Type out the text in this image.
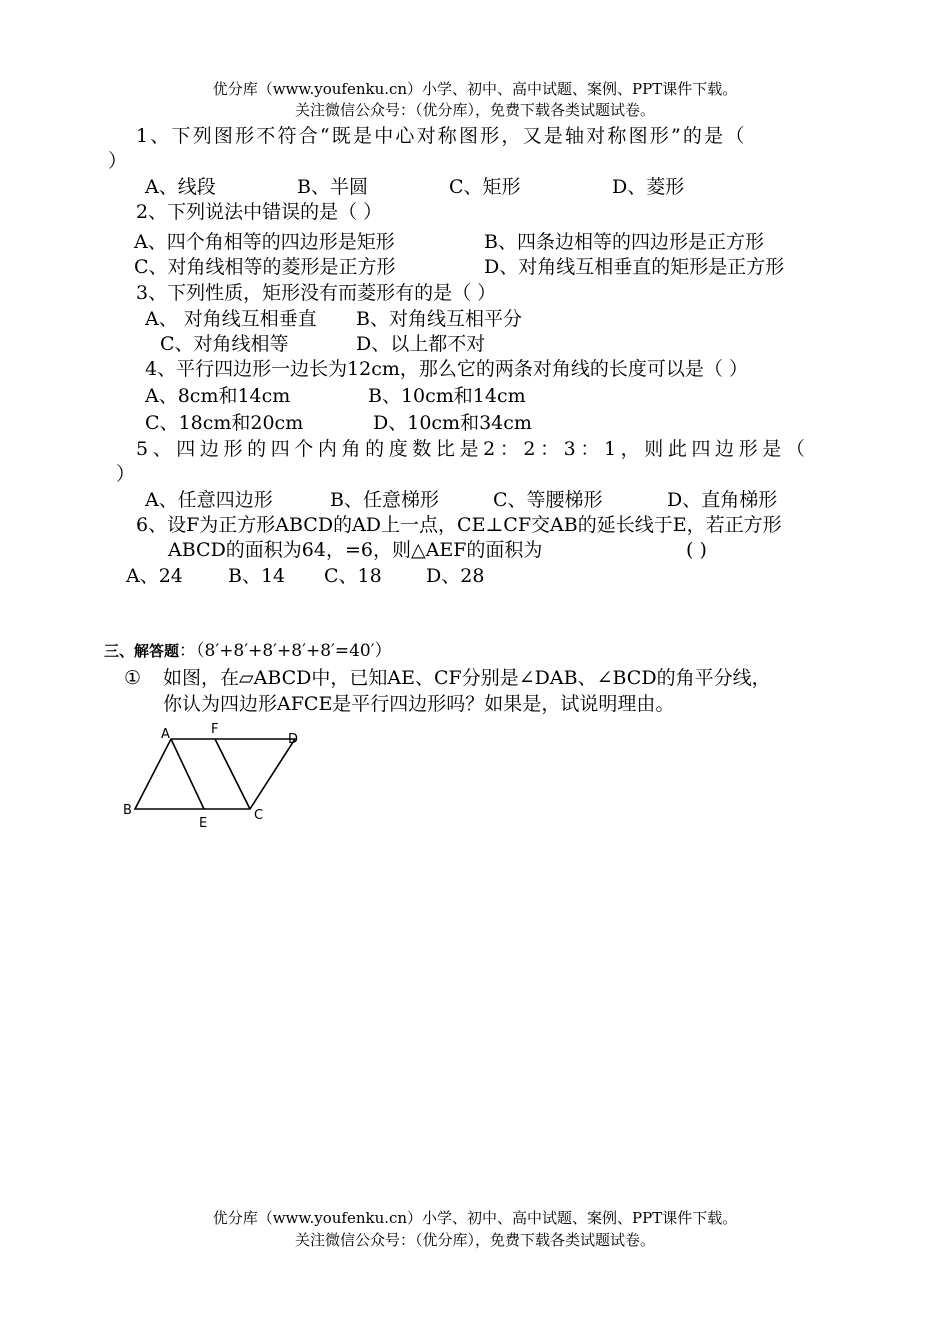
优分库（www.youfenku.cn）小学、初中、高中试题、案例、PPT课件下载。
关注微信公众号：（优分库），免费下载各类试题试卷。
1、下列图形不符合“既是中心对称图形，又是轴对称图形”的是（
）
A、线段	B、半圆	C、矩形	D、菱形
2、下列说法中错误的是（ ）
A、四个角相等的四边形是矩形	B、四条边相等的四边形是正方形
C、对角线相等的菱形是正方形	D、对角线互相垂直的矩形是正方形
3、下列性质，矩形没有而菱形有的是（ ）
A、 对角线互相垂直 B、对角线互相平分
C、对角线相等	D、以上都不对
4、平行四边形一边长为12cm，那么它的两条对角线的长度可以是（ ）
A、8cm和14cm	B、10cm和14cm
C、18cm和20cm	D、10cm和34cm
5、四边形的四个内角的度数比是2：2：3：1，则此四边形是（
）
A、任意四边形	B、任意梯形	C、等腰梯形	D、直角梯形
6、设F为正方形ABCD的AD上一点，CE⊥CF交AB的延长线于E，若正方形
ABCD的面积为64，=6，则△AEF的面积为	( )
A、24 B、14 C、18 D、28
三、解答题：（8′+8′+8′+8′+8′=40′）
① 如图，在▱ABCD中，已知AE、CF分别是∠DAB、∠BCD的角平分线，
你认为四边形AFCE是平行四边形吗？如果是，试说明理由。
A	F
D
B
E
C
优分库（www.youfenku.cn）小学、初中、高中试题、案例、PPT课件下载。
关注微信公众号：（优分库），免费下载各类试题试卷。
